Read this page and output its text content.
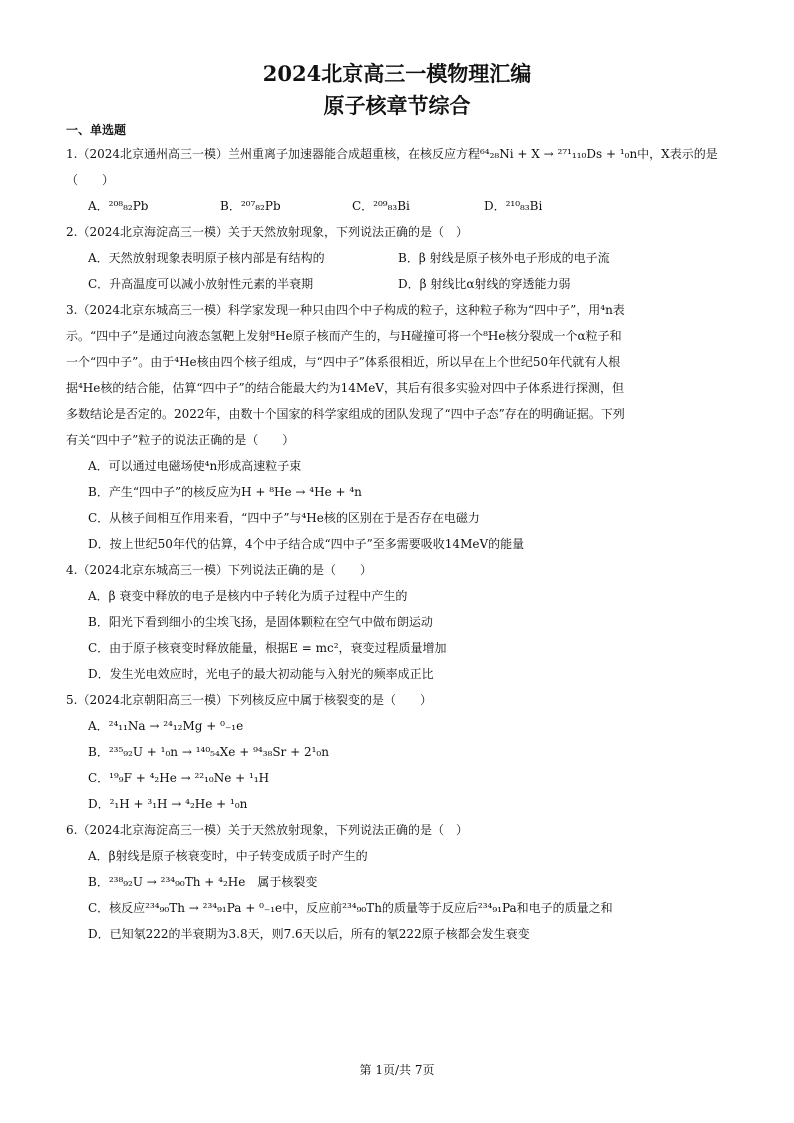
2024北京高三一模物理汇编
原子核章节综合
一、单选题
1.（2024北京通州高三一模）兰州重离子加速器能合成超重核，在核反应方程⁶⁴₂₈Ni + X → ²⁷¹₁₁₀Ds + ¹₀n中，X表示的是（　　）
A．²⁰⁸₈₂Pb	B．²⁰⁷₈₂Pb	C．²⁰⁹₈₃Bi	D．²¹⁰₈₃Bi
2.（2024北京海淀高三一模）关于天然放射现象，下列说法正确的是（　）
A．天然放射现象表明原子核内部是有结构的	B．β 射线是原子核外电子形成的电子流
C．升高温度可以减小放射性元素的半衰期	D．β 射线比α射线的穿透能力弱
3.（2024北京东城高三一模）科学家发现一种只由四个中子构成的粒子，这种粒子称为“四中子”，用⁴n表
示。“四中子”是通过向液态氢靶上发射⁸He原子核而产生的，与H碰撞可将一个⁸He核分裂成一个α粒子和
一个“四中子”。由于⁴He核由四个核子组成，与“四中子”体系很相近，所以早在上个世纪50年代就有人根
据⁴He核的结合能，估算“四中子”的结合能最大约为14MeV，其后有很多实验对四中子体系进行探测，但
多数结论是否定的。2022年，由数十个国家的科学家组成的团队发现了“四中子态”存在的明确证据。下列
有关“四中子”粒子的说法正确的是（　　）
A．可以通过电磁场使⁴n形成高速粒子束
B．产生“四中子”的核反应为H + ⁸He → ⁴He + ⁴n
C．从核子间相互作用来看，“四中子”与⁴He核的区别在于是否存在电磁力
D．按上世纪50年代的估算，4个中子结合成“四中子”至多需要吸收14MeV的能量
4.（2024北京东城高三一模）下列说法正确的是（　　）
A．β 衰变中释放的电子是核内中子转化为质子过程中产生的
B．阳光下看到细小的尘埃飞扬，是固体颗粒在空气中做布朗运动
C．由于原子核衰变时释放能量，根据E = mc²，衰变过程质量增加
D．发生光电效应时，光电子的最大初动能与入射光的频率成正比
5.（2024北京朝阳高三一模）下列核反应中属于核裂变的是（　　）
A．²⁴₁₁Na → ²⁴₁₂Mg + ⁰₋₁e
B．²³⁵₉₂U + ¹₀n → ¹⁴⁰₅₄Xe + ⁹⁴₃₈Sr + 2¹₀n
C．¹⁹₉F + ⁴₂He → ²²₁₀Ne + ¹₁H
D．²₁H + ³₁H → ⁴₂He + ¹₀n
6.（2024北京海淀高三一模）关于天然放射现象，下列说法正确的是（　）
A．β射线是原子核衰变时，中子转变成质子时产生的
B．²³⁸₉₂U → ²³⁴₉₀Th + ⁴₂He　属于核裂变
C．核反应²³⁴₉₀Th → ²³⁴₉₁Pa + ⁰₋₁e中，反应前²³⁴₉₀Th的质量等于反应后²³⁴₉₁Pa和电子的质量之和
D．已知氡222的半衰期为3.8天，则7.6天以后，所有的氡222原子核都会发生衰变
第 1页/共 7页
